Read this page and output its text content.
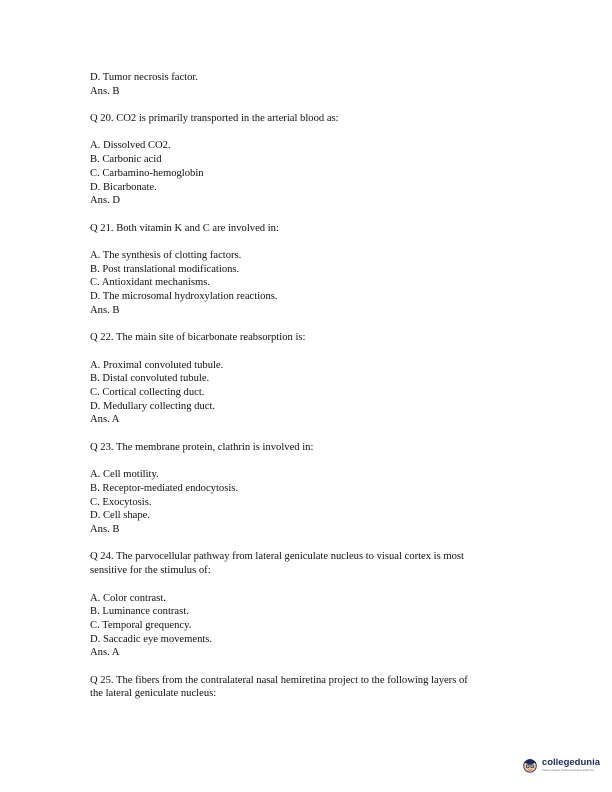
D. Tumor necrosis factor.
Ans. B
Q 20. CO2 is primarily transported in the arterial blood as:
A. Dissolved CO2.
B. Carbonic acid
C. Carbamino-hemoglobin
D. Bicarbonate.
Ans. D
Q 21. Both vitamin K and C are involved in:
A. The synthesis of clotting factors.
B. Post translational modifications.
C. Antioxidant mechanisms.
D. The microsomal hydroxylation reactions.
Ans. B
Q 22. The main site of bicarbonate reabsorption is:
A. Proximal convoluted tubule.
B. Distal convoluted tubule.
C. Cortical collecting duct.
D. Medullary collecting duct.
Ans. A
Q 23. The membrane protein, clathrin is involved in:
A. Cell motility.
B. Receptor-mediated endocytosis.
C. Exocytosis.
D. Cell shape.
Ans. B
Q 24. The parvocellular pathway from lateral geniculate nucleus to visual cortex is most
sensitive for the stimulus of:
A. Color contrast.
B. Luminance contrast.
C. Temporal grequency.
D. Saccadic eye movements.
Ans. A
Q 25. The fibers from the contralateral nasal hemiretina project to the following layers of
the lateral geniculate nucleus:
collegedunia
India's largest Student Review Platform
